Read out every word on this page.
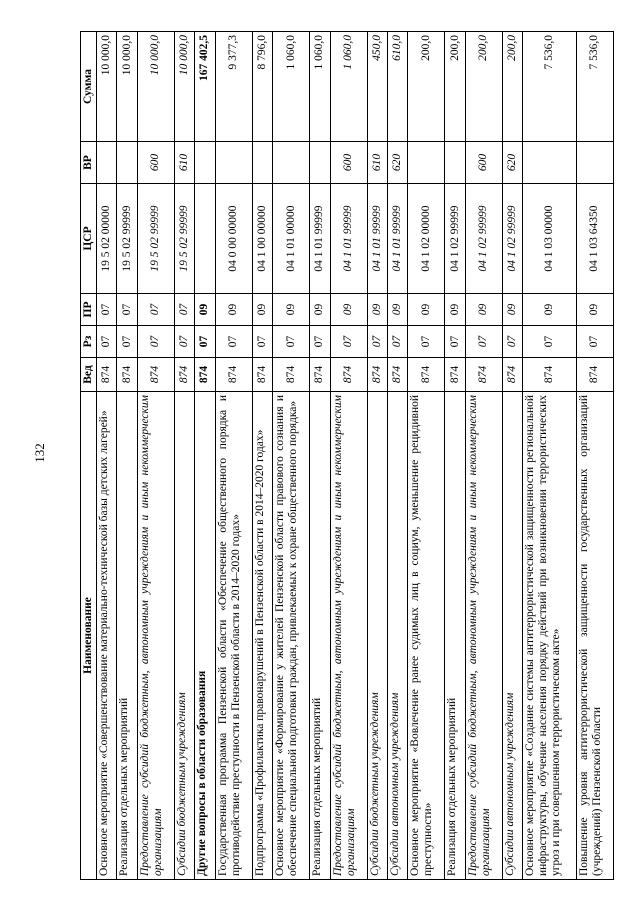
132
Наименование	Вед	Рз	ПР	ЦСР	ВР	Сумма
Основное мероприятие «Совершенствование материально-технической базы детских лагерей»	874	07	07	19 5 02 00000		10 000,0
Реализация отдельных мероприятий	874	07	07	19 5 02 99999		10 000,0
Предоставление субсидий бюджетным, автономным учреждениям и иным некоммерческим организациям	874	07	07	19 5 02 99999	600	10 000,0
Субсидии бюджетным учреждениям	874	07	07	19 5 02 99999	610	10 000,0
Другие вопросы в области образования	874	07	09			167 402,5
Государственная программа Пензенской области «Обеспечение общественного порядка и противодействие преступности в Пензенской области в 2014–2020 годах»	874	07	09	04 0 00 00000		9 377,3
Подпрограмма «Профилактика правонарушений в Пензенской области в 2014–2020 годах»	874	07	09	04 1 00 00000		8 796,0
Основное мероприятие «Формирование у жителей Пензенской области правового сознания и обеспечение специальной подготовки граждан, привлекаемых к охране общественного порядка»	874	07	09	04 1 01 00000		1 060,0
Реализация отдельных мероприятий	874	07	09	04 1 01 99999		1 060,0
Предоставление субсидий бюджетным, автономным учреждениям и иным некоммерческим организациям	874	07	09	04 1 01 99999	600	1 060,0
Субсидии бюджетным учреждениям	874	07	09	04 1 01 99999	610	450,0
Субсидии автономным учреждениям	874	07	09	04 1 01 99999	620	610,0
Основное мероприятие «Вовлечение ранее судимых лиц в социум, уменьшение рецидивной преступности»	874	07	09	04 1 02 00000		200,0
Реализация отдельных мероприятий	874	07	09	04 1 02 99999		200,0
Предоставление субсидий бюджетным, автономным учреждениям и иным некоммерческим организациям	874	07	09	04 1 02 99999	600	200,0
Субсидии автономным учреждениям	874	07	09	04 1 02 99999	620	200,0
Основное мероприятие «Создание системы антитеррористической защищенности региональной инфраструктуры, обучение населения порядку действий при возникновении террористических угроз и при совершенном террористическом акте»	874	07	09	04 1 03 00000		7 536,0
Повышение уровня антитеррористической защищенности государственных организаций (учреждений) Пензенской области	874	07	09	04 1 03 64350		7 536,0
